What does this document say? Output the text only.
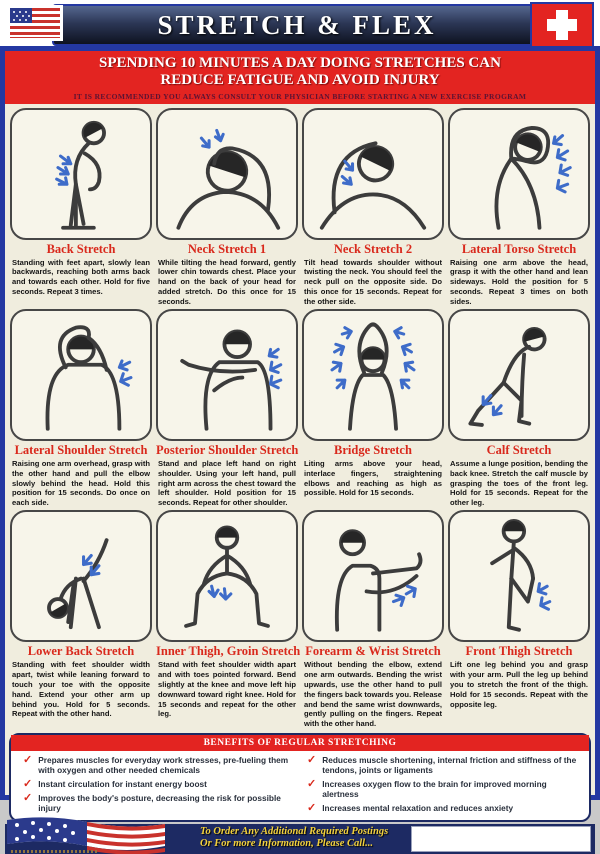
STRETCH & FLEX
SPENDING 10 MINUTES A DAY DOING STRETCHES CAN
REDUCE FATIGUE AND AVOID INJURY
IT IS RECOMMENDED YOU ALWAYS CONSULT YOUR PHYSICIAN BEFORE STARTING A NEW EXERCISE PROGRAM
Back Stretch
Standing with feet apart, slowly lean backwards, reaching both arms back and towards each other. Hold for five seconds. Repeat 3 times.
Neck Stretch 1
While tilting the head forward, gently lower chin towards chest. Place your hand on the back of your head for added stretch. Do this once for 15 seconds.
Neck Stretch 2
Tilt head towards shoulder without twisting the neck. You should feel the neck pull on the opposite side. Do this once for 15 seconds. Repeat for the other side.
Lateral Torso Stretch
Raising one arm above the head, grasp it with the other hand and lean sideways. Hold the position for 5 seconds. Repeat 3 times on both sides.
Lateral Shoulder Stretch
Raising one arm overhead, grasp with the other hand and pull the elbow slowly behind the head. Hold this position for 15 seconds. Do once on each side.
Posterior Shoulder Stretch
Stand and place left hand on right shoulder. Using your left hand, pull right arm across the chest toward the left shoulder. Hold position for 15 seconds. Repeat for other shoulder.
Bridge Stretch
Liting arms above your head, interlace fingers, straightening elbows and reaching as high as possible. Hold for 15 seconds.
Calf Stretch
Assume a lunge position, bending the back knee. Stretch the calf muscle by grasping the toes of the front leg. Hold for 15 seconds. Repeat for the other leg.
Lower Back Stretch
Standing with feet shoulder width apart, twist while leaning forward to touch your toe with the opposite hand. Extend your other arm up behind you. Hold for 5 seconds. Repeat with the other hand.
Inner Thigh, Groin Stretch
Stand with feet shoulder width apart and with toes pointed forward. Bend slightly at the knee and move left hip downward toward right knee. Hold for 15 seconds and repeat for the other leg.
Forearm & Wrist Stretch
Without bending the elbow, extend one arm outwards. Bending the wrist upwards, use the other hand to pull the fingers back towards you. Release and bend the same wrist downwards, gently pulling on the fingers. Repeat with the other hand.
Front Thigh Stretch
Lift one leg behind you and grasp with your arm. Pull the leg up behind you to stretch the front of the thigh. Hold for 15 seconds. Repeat with the opposite leg.
BENEFITS OF REGULAR STRETCHING
✓ Prepares muscles for everyday work stresses, pre-fueling them with oxygen and other needed chemicals
✓ Instant circulation for instant energy boost
✓ Improves the body's posture, decreasing the risk for possible injury
✓ Reduces muscle shortening, internal friction and stiffness of the tendons, joints or ligaments
✓ Increases oxygen flow to the brain for improved morning alertness
✓ Increases mental relaxation and reduces anxiety
To Order Any Additional Required Postings
Or For more Information, Please Call...
